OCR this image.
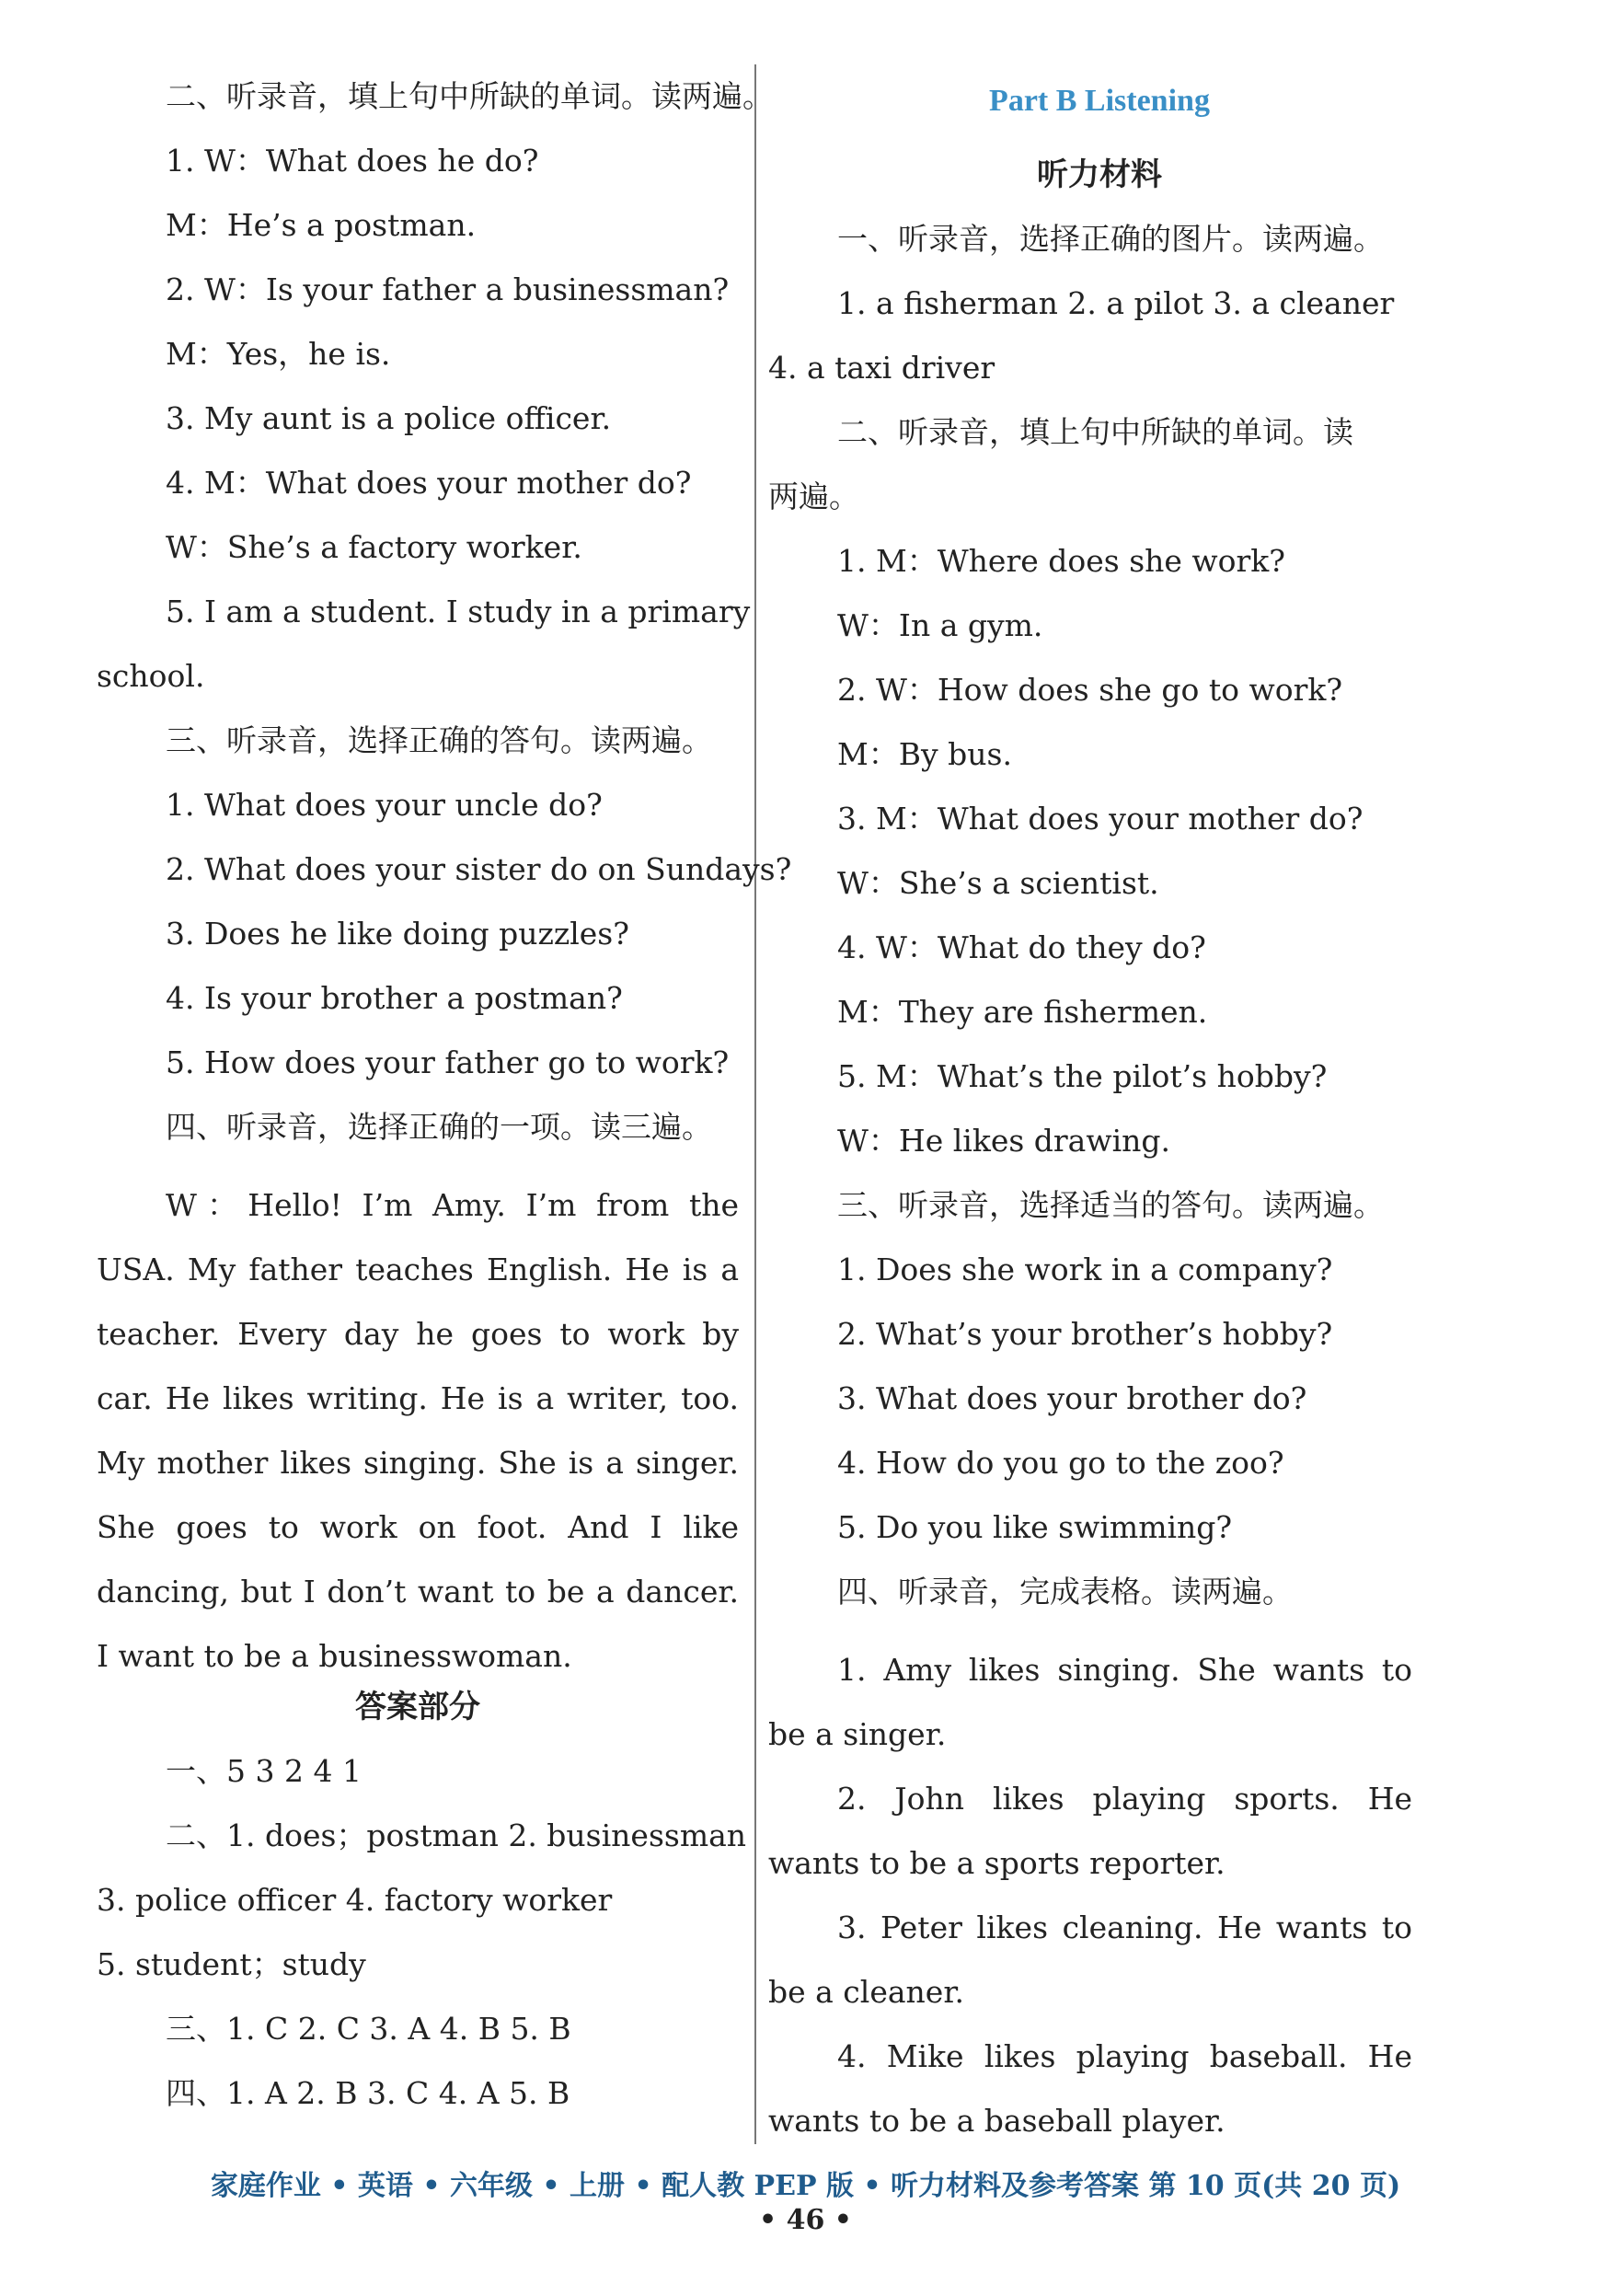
二、听录音，填上句中所缺的单词。读两遍。
1. W：What does he do?
M：He’s a postman.
2. W：Is your father a businessman?
M：Yes，he is.
3. My aunt is a police officer.
4. M：What does your mother do?
W：She’s a factory worker.
5. I am a student. I study in a primary
school.
三、听录音，选择正确的答句。读两遍。
1. What does your uncle do?
2. What does your sister do on Sundays?
3. Does he like doing puzzles?
4. Is your brother a postman?
5. How does your father go to work?
四、听录音，选择正确的一项。读三遍。
W：Hello! I’m Amy. I’m from the USA. My father teaches English. He is a teacher. Every day he goes to work by car. He likes writing. He is a writer, too. My mother likes singing. She is a singer. She goes to work on foot. And I like dancing, but I don’t want to be a dancer. I want to be a businesswoman.
答案部分
一、5 3 2 4 1
二、1. does；postman 2. businessman
3. police officer 4. factory worker
5. student；study
三、1. C 2. C 3. A 4. B 5. B
四、1. A 2. B 3. C 4. A 5. B
Part B Listening
听力材料
一、听录音，选择正确的图片。读两遍。
1. a fisherman 2. a pilot 3. a cleaner
4. a taxi driver
二、听录音，填上句中所缺的单词。读
两遍。
1. M：Where does she work?
W：In a gym.
2. W：How does she go to work?
M：By bus.
3. M：What does your mother do?
W：She’s a scientist.
4. W：What do they do?
M：They are fishermen.
5. M：What’s the pilot’s hobby?
W：He likes drawing.
三、听录音，选择适当的答句。读两遍。
1. Does she work in a company?
2. What’s your brother’s hobby?
3. What does your brother do?
4. How do you go to the zoo?
5. Do you like swimming?
四、听录音，完成表格。读两遍。
1. Amy likes singing. She wants to be a singer.
2. John likes playing sports. He wants to be a sports reporter.
3. Peter likes cleaning. He wants to be a cleaner.
4. Mike likes playing baseball. He wants to be a baseball player.
家庭作业 • 英语 • 六年级 • 上册 • 配人教 PEP 版 • 听力材料及参考答案 第 10 页(共 20 页)
• 46 •
